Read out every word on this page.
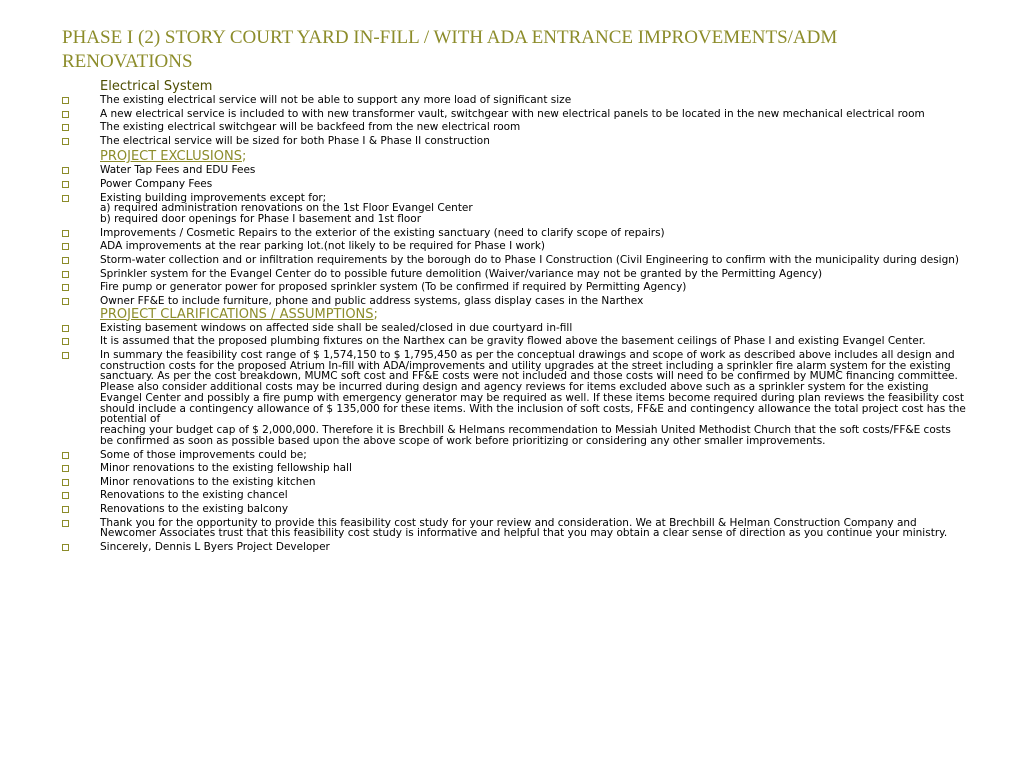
PHASE I (2) STORY COURT YARD IN-FILL / WITH ADA ENTRANCE IMPROVEMENTS/ADM RENOVATIONS
Electrical System
The existing electrical service will not be able to support any more load of significant size
A new electrical service is included to with new transformer vault, switchgear with new electrical panels to be located in the new mechanical electrical room
The existing electrical switchgear will be backfeed from the new electrical room
The electrical service will be sized for both Phase I & Phase II construction
PROJECT EXCLUSIONS;
Water Tap Fees and EDU Fees
Power Company Fees
Existing building improvements except for;
a) required administration renovations on the 1st Floor Evangel Center
b) required door openings for Phase I basement and 1st floor
Improvements / Cosmetic Repairs to the exterior of the existing sanctuary (need to clarify scope of repairs)
ADA improvements at the rear parking lot.(not likely to be required for Phase I work)
Storm-water collection and or infiltration requirements by the borough do to Phase I Construction (Civil Engineering to confirm with the municipality during design)
Sprinkler system for the Evangel Center do to possible future demolition (Waiver/variance may not be granted by the Permitting Agency)
Fire pump or generator power for proposed sprinkler system (To be confirmed if required by Permitting Agency)
Owner FF&E to include furniture, phone and public address systems, glass display cases in the Narthex
PROJECT CLARIFICATIONS / ASSUMPTIONS;
Existing basement windows on affected side shall be sealed/closed in due courtyard in-fill
It is assumed that the proposed plumbing fixtures on the Narthex can be gravity flowed above the basement ceilings of Phase I and existing Evangel Center.
In summary the feasibility cost range of $ 1,574,150 to $ 1,795,450 as per the conceptual drawings and scope of work as described above includes all design and construction costs for the proposed Atrium In-fill with ADA/improvements and utility upgrades at the street including a sprinkler fire alarm system for the existing sanctuary. As per the cost breakdown, MUMC soft cost and FF&E costs were not included and those costs will need to be confirmed by MUMC financing committee. Please also consider additional costs may be incurred during design and agency reviews for items excluded above such as a sprinkler system for the existing Evangel Center and possibly a fire pump with emergency generator may be required as well. If these items become required during plan reviews the feasibility cost should include a contingency allowance of $ 135,000 for these items. With the inclusion of soft costs, FF&E and contingency allowance the total project cost has the potential of
reaching your budget cap of $ 2,000,000. Therefore it is Brechbill & Helmans recommendation to Messiah United Methodist Church that the soft costs/FF&E costs be confirmed as soon as possible based upon the above scope of work before prioritizing or considering any other smaller improvements.
Some of those improvements could be;
Minor renovations to the existing fellowship hall
Minor renovations to the existing kitchen
Renovations to the existing chancel
Renovations to the existing balcony
Thank you for the opportunity to provide this feasibility cost study for your review and consideration. We at Brechbill & Helman Construction Company and Newcomer Associates trust that this feasibility cost study is informative and helpful that you may obtain a clear sense of direction as you continue your ministry.
Sincerely, Dennis L Byers Project Developer
